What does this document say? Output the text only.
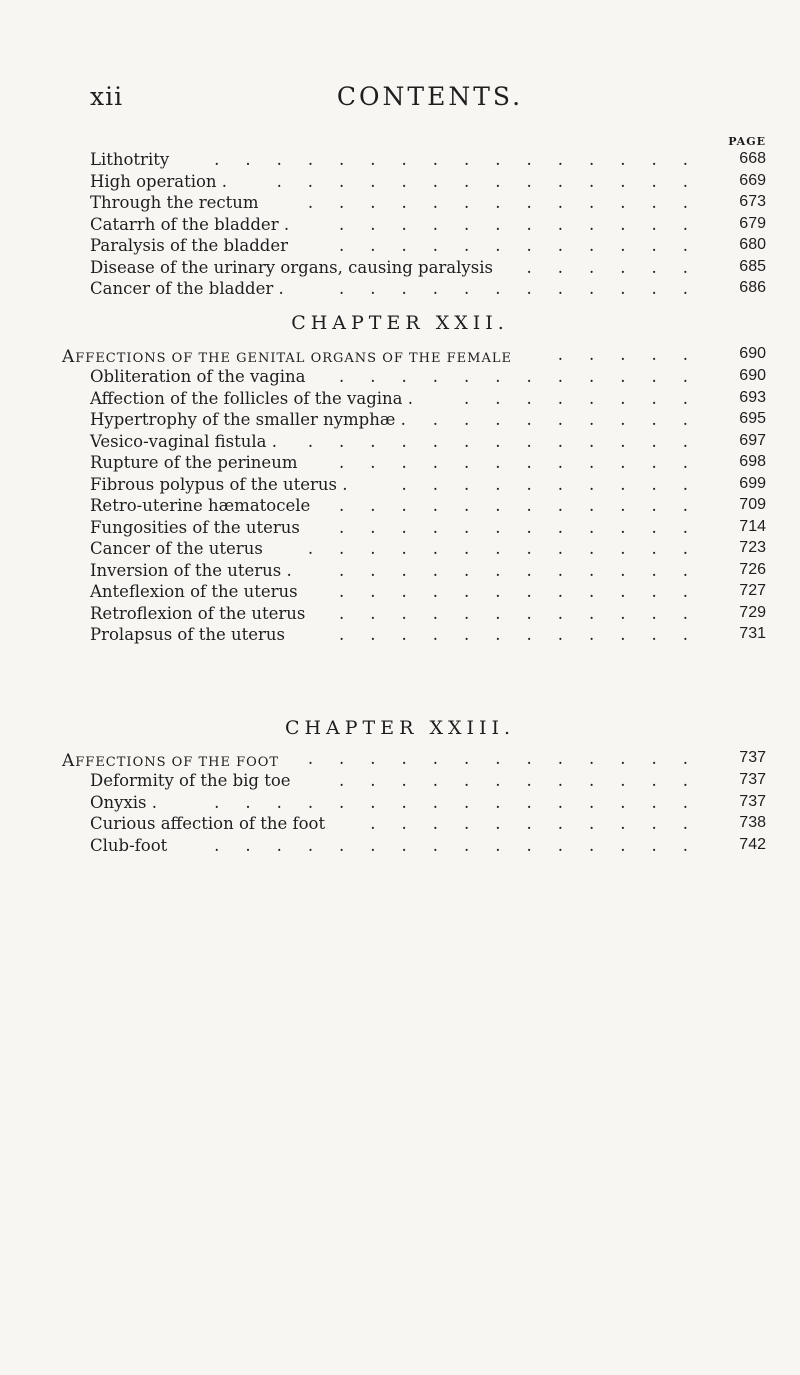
xii	CONTENTS.
PAGE
Lithotrity	668
................
High operation .	669
..............
Through the rectum	673
.............
Catarrh of the bladder .	679
............
Paralysis of the bladder	680
............
Disease of the urinary organs, causing paralysis	685
......
Cancer of the bladder .	686
............
CHAPTER XXII.
AFFECTIONS OF THE GENITAL ORGANS OF THE FEMALE	690
.....
Obliteration of the vagina	690
............
Affection of the follicles of the vagina .	693
........
Hypertrophy of the smaller nymphæ .	695
.........
Vesico-vaginal fistula .	697
.............
Rupture of the perineum	698
............
Fibrous polypus of the uterus .	699
..........
Retro-uterine hæmatocele	709
............
Fungosities of the uterus	714
............
Cancer of the uterus	723
.............
Inversion of the uterus .	726
............
Anteflexion of the uterus	727
............
Retroflexion of the uterus	729
............
Prolapsus of the uterus	731
............
CHAPTER XXIII.
AFFECTIONS OF THE FOOT	737
.............
Deformity of the big toe	737
............
Onyxis .	737
................
Curious affection of the foot	738
...........
Club-foot	742
................
